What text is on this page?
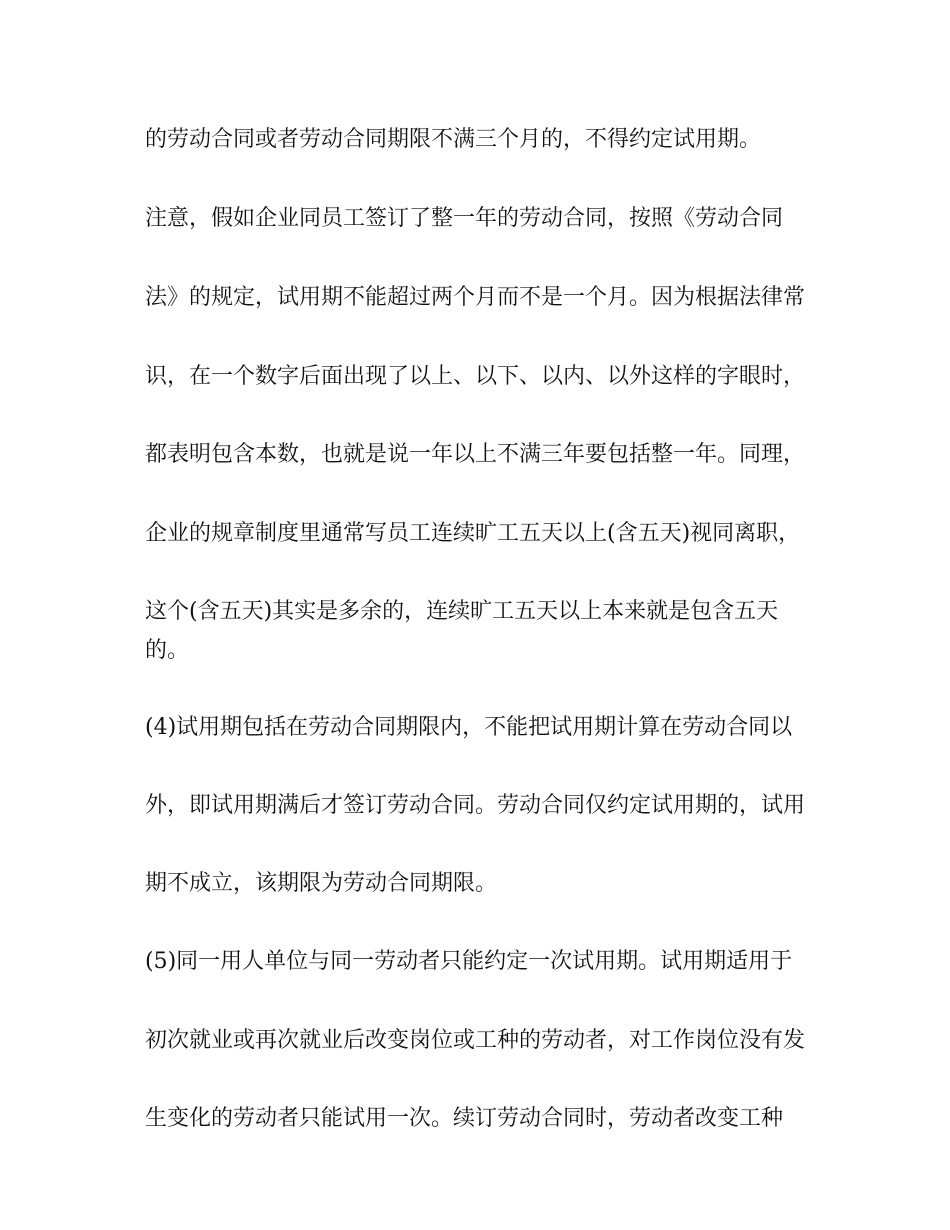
的劳动合同或者劳动合同期限不满三个月的，不得约定试用期。
注意，假如企业同员工签订了整一年的劳动合同，按照《劳动合同
法》的规定，试用期不能超过两个月而不是一个月。因为根据法律常
识，在一个数字后面出现了以上、以下、以内、以外这样的字眼时，
都表明包含本数，也就是说一年以上不满三年要包括整一年。同理，
企业的规章制度里通常写员工连续旷工五天以上(含五天)视同离职，
这个(含五天)其实是多余的，连续旷工五天以上本来就是包含五天
的。
(4)试用期包括在劳动合同期限内，不能把试用期计算在劳动合同以
外，即试用期满后才签订劳动合同。劳动合同仅约定试用期的，试用
期不成立，该期限为劳动合同期限。
(5)同一用人单位与同一劳动者只能约定一次试用期。试用期适用于
初次就业或再次就业后改变岗位或工种的劳动者，对工作岗位没有发
生变化的劳动者只能试用一次。续订劳动合同时，劳动者改变工种
